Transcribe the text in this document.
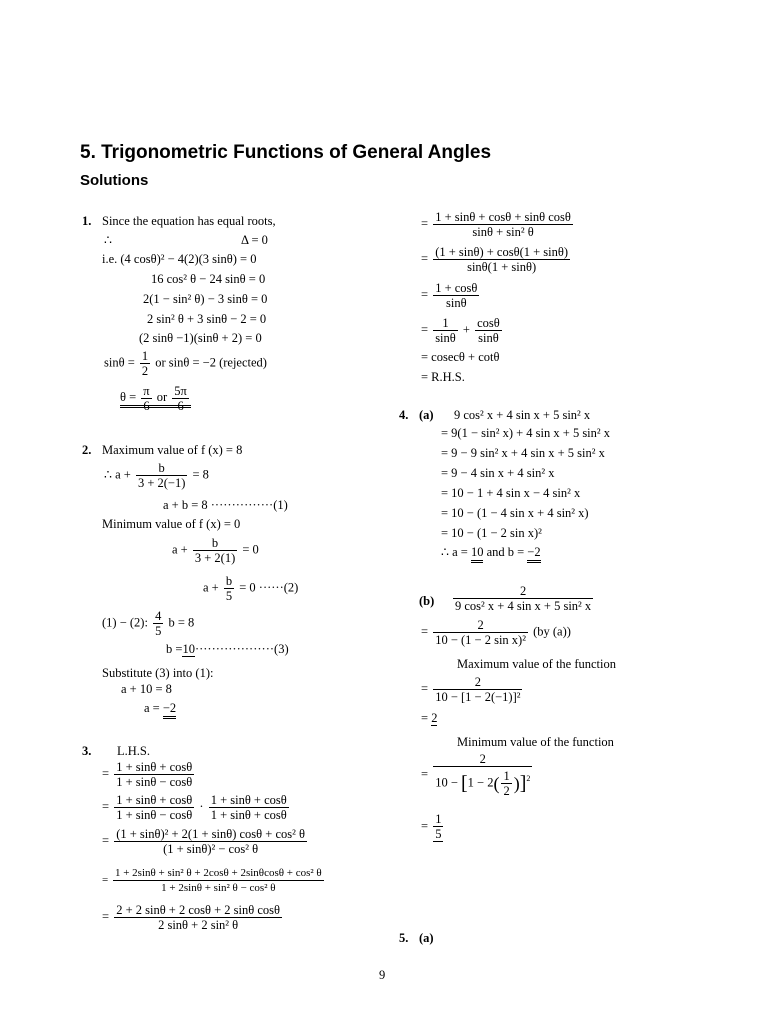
5. Trigonometric Functions of General Angles
Solutions
1. Since the equation has equal roots,
∴	Δ = 0
i.e. (4 cosθ)² − 4(2)(3 sinθ) = 0
16 cos² θ − 24 sinθ = 0
2(1 − sin² θ) − 3 sinθ = 0
2 sin² θ + 3 sinθ − 2 = 0
(2 sinθ −1)(sinθ + 2) = 0
$\sin\theta = \frac{1}{2}$ or sinθ = −2 (rejected)
$\theta = \frac{\pi}{6}$ or $\frac{5\pi}{6}$
2. Maximum value of f (x) = 8
∴ $a + \frac{b}{3 + 2(-1)} = 8$
a + b = 8 ···············(1)
Minimum value of f (x) = 0
$a + \frac{b}{3 + 2(1)} = 0$
$a + \frac{b}{5} = 0 \cdot\cdot\cdot\cdot\cdot\cdot(2)$
(1) − (2): $\frac{4}{5}$ b = 8
b =10···················(3)
Substitute (3) into (1):
a + 10 = 8
a = −2
3. L.H.S.
= $\frac{1 + \sin\theta + \cos\theta}{1 + \sin\theta - \cos\theta}$
= $\frac{1 + \sin\theta + \cos\theta}{1 + \sin\theta - \cos\theta} \cdot \frac{1 + \sin\theta + \cos\theta}{1 + \sin\theta + \cos\theta}$
= $\frac{\text{(1 + sinθ)² + 2(1 + sinθ) cosθ + cos² θ}}{\text{(1 + sinθ)² − cos² θ}}$
= $\frac{\text{1 + 2sinθ + sin² θ + 2cosθ + 2sinθcosθ + cos² θ}}{\text{1 + 2sinθ + sin² θ − cos² θ}}$
= $\frac{\text{2 + 2 sinθ + 2 cosθ + 2 sinθ cosθ}}{\text{2 sinθ + 2 sin² θ}}$
= $\frac{\text{1 + sinθ + cosθ + sinθ cosθ}}{\text{sinθ + sin² θ}}$
= $\frac{(1 + \sin\theta) + \cos\theta(1 + \sin\theta)}{\sin\theta(1 + \sin\theta)}$
= $\frac{1 + \cos\theta}{\sin\theta}$
= $\frac{1}{\sin\theta} + \frac{\cos\theta}{\sin\theta}$
= cosecθ + cotθ
= R.H.S.
4. (a) 9 cos² x + 4 sin x + 5 sin² x
= 9(1 − sin² x) + 4 sin x + 5 sin² x
= 9 − 9 sin² x + 4 sin x + 5 sin² x
= 9 − 4 sin x + 4 sin² x
= 10 − 1 + 4 sin x − 4 sin² x
= 10 − (1 − 4 sin x + 4 sin² x)
= 10 − (1 − 2 sin x)²
∴ a = 10 and b = −2
$(b) \frac{2}{\text{9 cos² x + 4 sin x + 5 sin² x}}$
= $\frac{2}{\text{10 − (1 − 2 sin x)²}} (by$ (a))
Maximum value of the function
= $\frac{2}{\text{10 − [1 − 2(−1)]²}}$
= 2
Minimum value of the function
= $\frac{2}{10 - [1 - 2( \frac{1}{2} )]^2}$
= $\frac{1}{5}$
5. (a)
9
